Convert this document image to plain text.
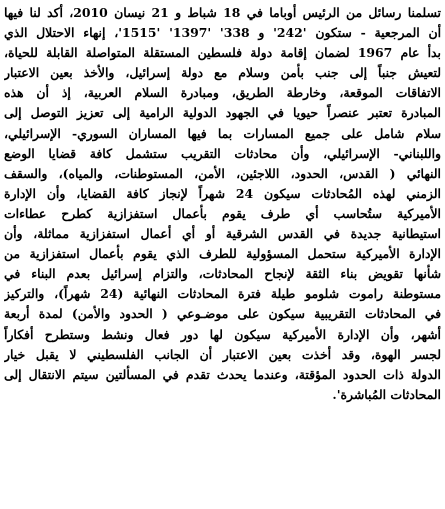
تسلمنا رسائل من الرئيس أوباما في 18 شباط و 21 نيسان 2010، أكد لنا فيها
أن المرجعية - ستكون '242' و 338' '1397' '1515'، إنهاء الاحتلال الذي
بدأ عام 1967 لضمان إقامة دولة فلسطين المستقلة المتواصلة القابلة للحياة،
لتعيش جنباً إلى جنب بأمن وسلام مع دولة إسرائيل، والأخذ بعين الاعتبار
الاتفاقات الموقعة، وخارطة الطريق، ومبادرة السلام العربية، إذ أن هذه
المبادرة تعتبر عنصراً حيويا في الجهود الدولية الرامية إلى تعزيز التوصل إلى
سلام شامل على جميع المسارات بما فيها المساران السوري- الإسرائيلي،
واللبناني- الإسرائيلي، وأن محادثات التقريب ستشمل كافة قضايا الوضع
النهائي ( القدس، الحدود، اللاجئين، الأمن، المستوطنات، والمياه)، والسقف
الزمني لهذه المُحادثات سيكون 24 شهراً لإنجاز كافة القضايا، وأن الإدارة
الأميركية ستُحاسب أي طرف يقوم بأعمال استفزازية كطرح عطاءات
استيطانية جديدة في القدس الشرقية أو أي أعمال استفزازية مماثلة، وأن
الإدارة الأميركية ستحمل المسؤولية للطرف الذي يقوم بأعمال استفزازية من
شأنها تقويض بناء الثقة لإنجاح المحادثات، والتزام إسرائيل بعدم البناء في
مستوطنة راموت شلومو طيلة فترة المحادثات النهائية (24 شهراً)، والتركيز
في المحادثات التقريبية سيكون على موضـوعي ( الحدود والأمن) لمدة أربعة
أشهر، وأن الإدارة الأميركية سيكون لها دور فعال ونشط وستطرح أفكاراً
لجسر الهوة، وقد أخذت بعين الاعتبار أن الجانب الفلسطيني لا يقبل خيار
الدولة ذات الحدود المؤقتة، وعندما يحدث تقدم في المسألتين سيتم الانتقال إلى
المحادثات المُباشرة'.
